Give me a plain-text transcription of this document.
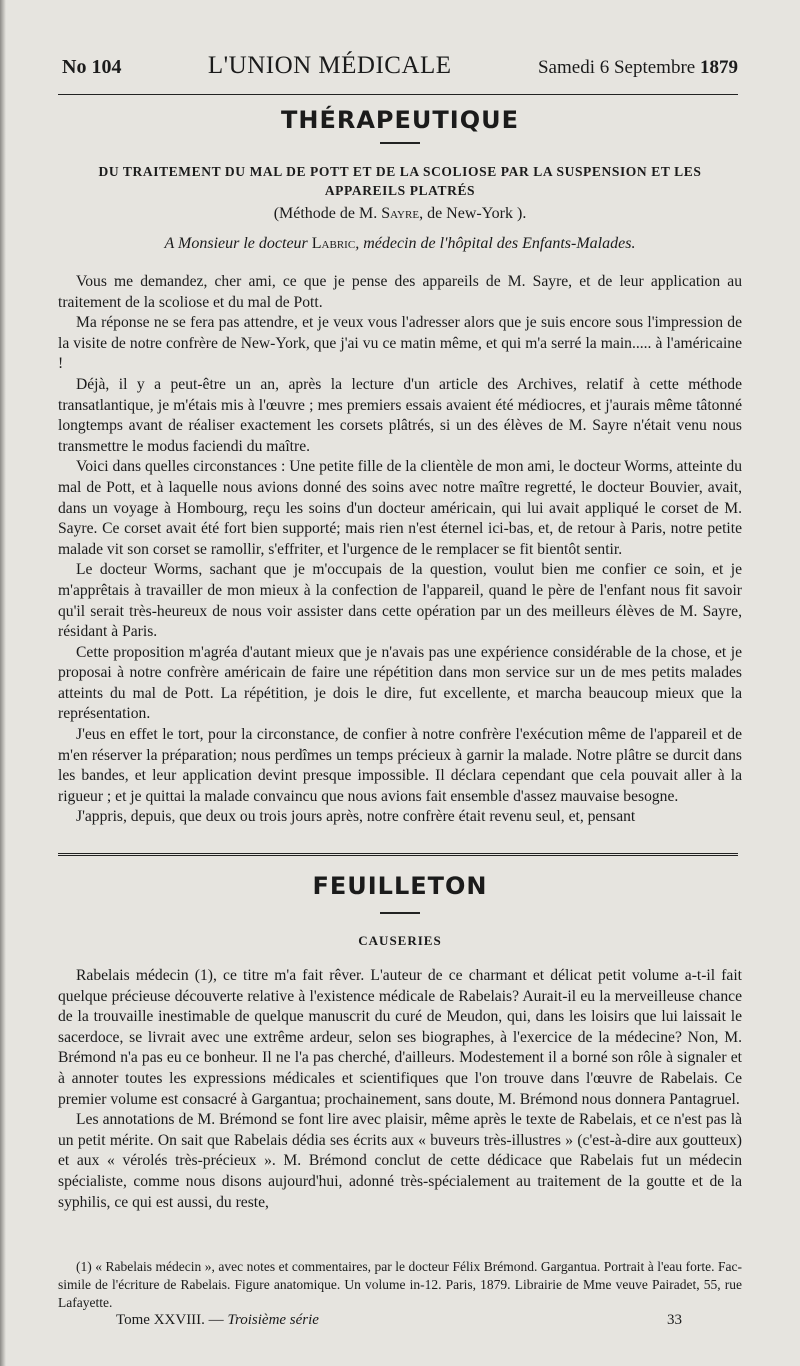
No 104	L'UNION MÉDICALE	Samedi 6 Septembre 1879
THÉRAPEUTIQUE
DU TRAITEMENT DU MAL DE POTT ET DE LA SCOLIOSE PAR LA SUSPENSION ET LES APPAREILS PLATRÉS
(Méthode de M. Sayre, de New-York ).
A Monsieur le docteur Labric, médecin de l'hôpital des Enfants-Malades.

Vous me demandez, cher ami, ce que je pense des appareils de M. Sayre, et de leur application au traitement de la scoliose et du mal de Pott.

Ma réponse ne se fera pas attendre, et je veux vous l'adresser alors que je suis encore sous l'impression de la visite de notre confrère de New-York, que j'ai vu ce matin même, et qui m'a serré la main..... à l'américaine !

Déjà, il y a peut-être un an, après la lecture d'un article des Archives, relatif à cette méthode transatlantique, je m'étais mis à l'œuvre ; mes premiers essais avaient été médiocres, et j'aurais même tâtonné longtemps avant de réaliser exactement les corsets plâtrés, si un des élèves de M. Sayre n'était venu nous transmettre le modus faciendi du maître.

Voici dans quelles circonstances : Une petite fille de la clientèle de mon ami, le docteur Worms, atteinte du mal de Pott, et à laquelle nous avions donné des soins avec notre maître regretté, le docteur Bouvier, avait, dans un voyage à Hombourg, reçu les soins d'un docteur américain, qui lui avait appliqué le corset de M. Sayre. Ce corset avait été fort bien supporté; mais rien n'est éternel ici-bas, et, de retour à Paris, notre petite malade vit son corset se ramollir, s'effriter, et l'urgence de le remplacer se fit bientôt sentir.

Le docteur Worms, sachant que je m'occupais de la question, voulut bien me confier ce soin, et je m'apprêtais à travailler de mon mieux à la confection de l'appareil, quand le père de l'enfant nous fit savoir qu'il serait très-heureux de nous voir assister dans cette opération par un des meilleurs élèves de M. Sayre, résidant à Paris.

Cette proposition m'agréa d'autant mieux que je n'avais pas une expérience considérable de la chose, et je proposai à notre confrère américain de faire une répétition dans mon service sur un de mes petits malades atteints du mal de Pott. La répétition, je dois le dire, fut excellente, et marcha beaucoup mieux que la représentation.

J'eus en effet le tort, pour la circonstance, de confier à notre confrère l'exécution même de l'appareil et de m'en réserver la préparation; nous perdîmes un temps précieux à garnir la malade. Notre plâtre se durcit dans les bandes, et leur application devint presque impossible. Il déclara cependant que cela pouvait aller à la rigueur ; et je quittai la malade convaincu que nous avions fait ensemble d'assez mauvaise besogne.

J'appris, depuis, que deux ou trois jours après, notre confrère était revenu seul, et, pensant

FEUILLETON
CAUSERIES

Rabelais médecin (1), ce titre m'a fait rêver. L'auteur de ce charmant et délicat petit volume a-t-il fait quelque précieuse découverte relative à l'existence médicale de Rabelais? Aurait-il eu la merveilleuse chance de la trouvaille inestimable de quelque manuscrit du curé de Meudon, qui, dans les loisirs que lui laissait le sacerdoce, se livrait avec une extrême ardeur, selon ses biographes, à l'exercice de la médecine? Non, M. Brémond n'a pas eu ce bonheur. Il ne l'a pas cherché, d'ailleurs. Modestement il a borné son rôle à signaler et à annoter toutes les expressions médicales et scientifiques que l'on trouve dans l'œuvre de Rabelais. Ce premier volume est consacré à Gargantua; prochainement, sans doute, M. Brémond nous donnera Pantagruel.

Les annotations de M. Brémond se font lire avec plaisir, même après le texte de Rabelais, et ce n'est pas là un petit mérite. On sait que Rabelais dédia ses écrits aux « buveurs très-illustres » (c'est-à-dire aux goutteux) et aux « vérolés très-précieux ». M. Brémond conclut de cette dédicace que Rabelais fut un médecin spécialiste, comme nous disons aujourd'hui, adonné très-spécialement au traitement de la goutte et de la syphilis, ce qui est aussi, du reste,

(1) « Rabelais médecin », avec notes et commentaires, par le docteur Félix Brémond. Gargantua. Portrait à l'eau forte. Fac-simile de l'écriture de Rabelais. Figure anatomique. Un volume in-12. Paris, 1879. Librairie de Mme veuve Pairadet, 55, rue Lafayette.

Tome XXVIII. — Troisième série	33
